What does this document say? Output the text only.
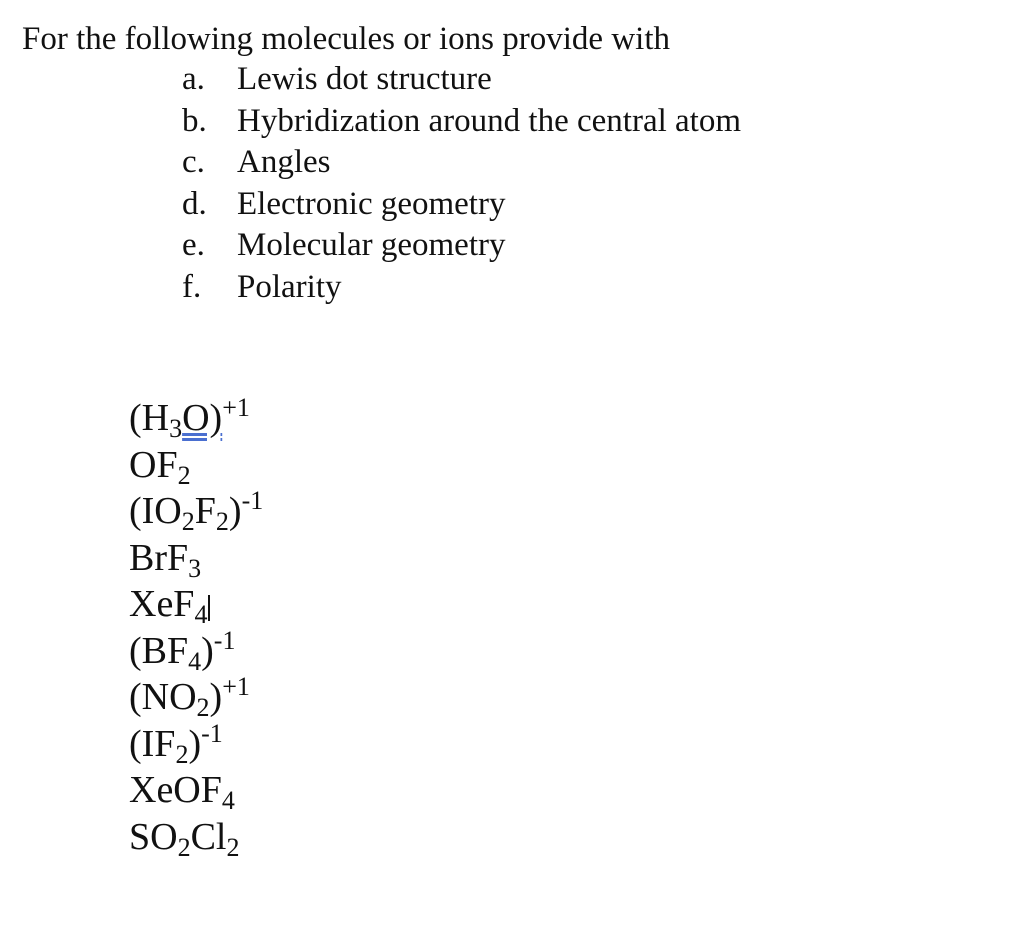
For the following molecules or ions provide with
a. Lewis dot structure
b. Hybridization around the central atom
c. Angles
d. Electronic geometry
e. Molecular geometry
f. Polarity
$(H_3O)^{+1}$
$OF_2$
$(IO_2F_2)^{-1}$
BrF$_3$
XeF$_4$
$(BF_4)^{-1}$
$(NO_2)^{+1}$
$(IF_2)^{-1}$
XeOF$_4$
$SO_2Cl_2$
